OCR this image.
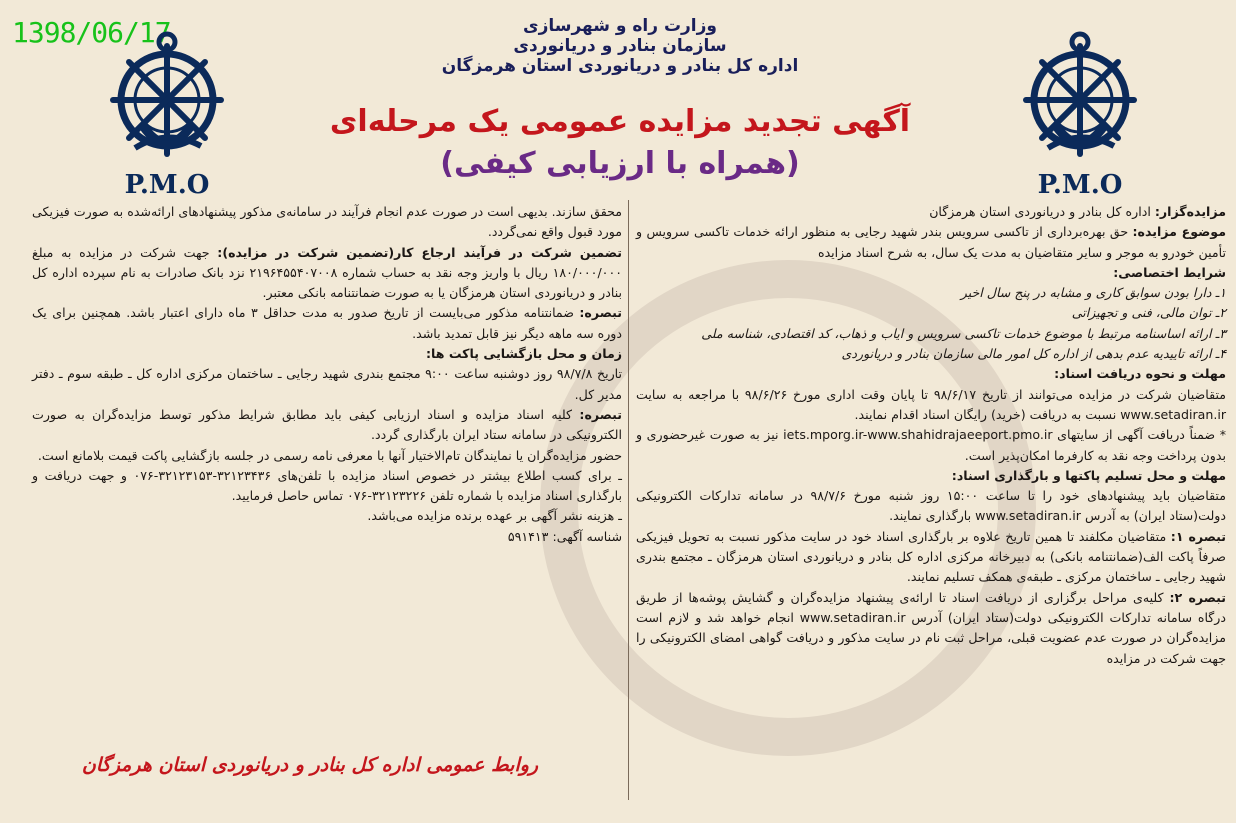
1398/06/17
P.M.O	P.M.O
وزارت راه و شهرسازی
سازمان بنادر و دریانوردی
اداره کل بنادر و دریانوردی استان هرمزگان
آگهی تجدید مزایده عمومی یک مرحله‌ای
(همراه با ارزیابی کیفی)

مزایده‌گزار: اداره کل بنادر و دریانوردی استان هرمزگان

موضوع مزایده: حق بهره‌برداری از تاکسی سرویس بندر شهید رجایی به منظور ارائه خدمات تاکسی سرویس و تأمین خودرو به موجر و سایر متقاضیان به مدت یک سال، به شرح اسناد مزایده

شرایط اختصاصی:

۱ـ دارا بودن سوابق کاری و مشابه در پنج سال اخیر

۲ـ توان مالی، فنی و تجهیزاتی

۳ـ ارائه اساسنامه مرتبط با موضوع خدمات تاکسی سرویس و ایاب و ذهاب، کد اقتصادی، شناسه ملی

۴ـ ارائه تاییدیه عدم بدهی از اداره کل امور مالی سازمان بنادر و دریانوردی

مهلت و نحوه دریافت اسناد:

متقاضیان شرکت در مزایده می‌توانند از تاریخ ۹۸/۶/۱۷ تا پایان وقت اداری مورخ ۹۸/۶/۲۶ با مراجعه به سایت www.setadiran.ir نسبت به دریافت (خرید) رایگان اسناد اقدام نمایند.

* ضمناً دریافت آگهی از سایتهای iets.mporg.ir-www.shahidrajaeeport.pmo.ir نیز به صورت غیرحضوری و بدون پرداخت وجه نقد به کارفرما امکان‌پذیر است.

مهلت و محل تسلیم پاکتها و بارگذاری اسناد:

متقاضیان باید پیشنهادهای خود را تا ساعت ۱۵:۰۰ روز شنبه مورخ ۹۸/۷/۶ در سامانه تدارکات الکترونیکی دولت(ستاد ایران) به آدرس www.setadiran.ir بارگذاری نمایند.

تبصره ۱: متقاضیان مکلفند تا همین تاریخ علاوه بر بارگذاری اسناد خود در سایت مذکور نسبت به تحویل فیزیکی صرفاً پاکت الف(ضمانتنامه بانکی) به دبیرخانه مرکزی اداره کل بنادر و دریانوردی استان هرمزگان ـ مجتمع بندری شهید رجایی ـ ساختمان مرکزی ـ طبقه‌ی همکف تسلیم نمایند.

تبصره ۲: کلیه‌ی مراحل برگزاری از دریافت اسناد تا ارائه‌ی پیشنهاد مزایده‌گران و گشایش پوشه‌ها از طریق درگاه سامانه تدارکات الکترونیکی دولت(ستاد ایران) آدرس www.setadiran.ir انجام خواهد شد و لازم است مزایده‌گران در صورت عدم عضویت قبلی، مراحل ثبت نام در سایت مذکور و دریافت گواهی امضای الکترونیکی را جهت شرکت در مزایده

محقق سازند. بدیهی است در صورت عدم انجام فرآیند در سامانه‌ی مذکور پیشنهادهای ارائه‌شده به صورت فیزیکی مورد قبول واقع نمی‌گردد.

تضمین شرکت در فرآیند ارجاع کار(تضمین شرکت در مزایده): جهت شرکت در مزایده به مبلغ ۱۸۰/۰۰۰/۰۰۰ ریال با واریز وجه نقد به حساب شماره ۲۱۹۶۴۵۵۴۰۷۰۰۸ نزد بانک صادرات به نام سپرده اداره کل بنادر و دریانوردی استان هرمزگان یا به صورت ضمانتنامه بانکی معتبر.

تبصره: ضمانتنامه مذکور می‌بایست از تاریخ صدور به مدت حداقل ۳ ماه دارای اعتبار باشد. همچنین برای یک دوره سه ماهه دیگر نیز قابل تمدید باشد.

زمان و محل بازگشایی پاکت ها:

تاریخ ۹۸/۷/۸ روز دوشنبه ساعت ۹:۰۰ مجتمع بندری شهید رجایی ـ ساختمان مرکزی اداره کل ـ طبقه سوم ـ دفتر مدیر کل.

تبصره: کلیه اسناد مزایده و اسناد ارزیابی کیفی باید مطابق شرایط مذکور توسط مزایده‌گران به صورت الکترونیکی در سامانه ستاد ایران بارگذاری گردد.

حضور مزایده‌گران یا نمایندگان تام‌الاختیار آنها با معرفی نامه رسمی در جلسه بازگشایی پاکت قیمت بلامانع است.

ـ برای کسب اطلاع بیشتر در خصوص اسناد مزایده با تلفن‌های ۳۲۱۲۳۴۳۶-۳۲۱۲۳۱۵۳-۰۷۶ و جهت دریافت و بارگذاری اسناد مزایده با شماره تلفن ۳۲۱۲۳۲۲۶-۰۷۶ تماس حاصل فرمایید.

ـ هزینه نشر آگهی بر عهده برنده مزایده می‌باشد.

شناسه آگهی: ۵۹۱۴۱۳

روابط عمومی اداره کل بنادر و دریانوردی استان هرمزگان
